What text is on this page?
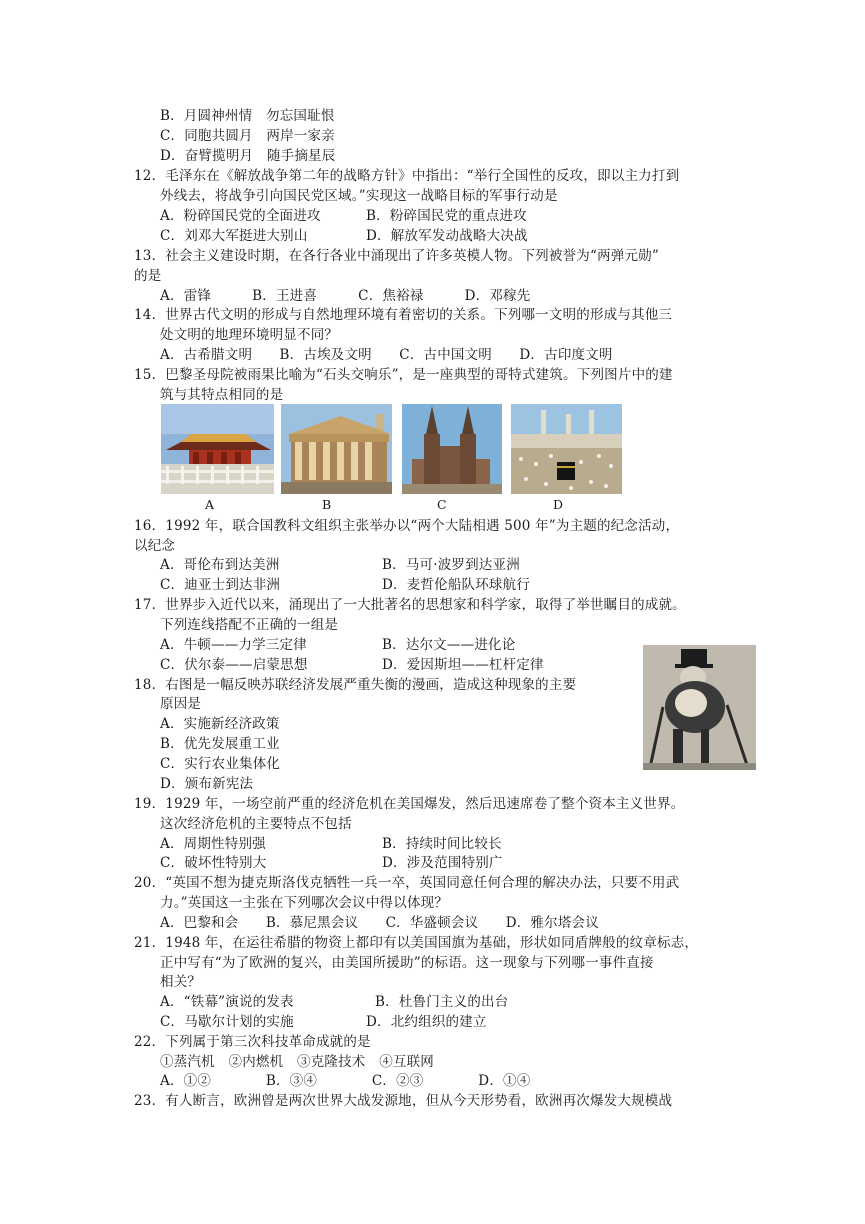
B．月圆神州情　勿忘国耻恨
C．同胞共圆月　两岸一家亲
D．奋臂揽明月　随手摘星辰
12．毛泽东在《解放战争第二年的战略方针》中指出：“举行全国性的反攻，即以主力打到
外线去，将战争引向国民党区域。”实现这一战略目标的军事行动是
A．粉碎国民党的全面进攻	B．粉碎国民党的重点进攻
C．刘邓大军挺进大别山	D．解放军发动战略大决战
13．社会主义建设时期，在各行各业中涌现出了许多英模人物。下列被誉为“两弹元勋”
的是
A．雷锋　　　B．王进喜　　　C．焦裕禄　　　D．邓稼先
14．世界古代文明的形成与自然地理环境有着密切的关系。下列哪一文明的形成与其他三
处文明的地理环境明显不同？
A．古希腊文明　　B．古埃及文明　　C．古中国文明　　D．古印度文明
15．巴黎圣母院被雨果比喻为“石头交响乐”，是一座典型的哥特式建筑。下列图片中的建
筑与其特点相同的是
A	B	C	D
16．1992 年，联合国教科文组织主张举办以“两个大陆相遇 500 年”为主题的纪念活动，
以纪念
A．哥伦布到达美洲	B．马可·波罗到达亚洲
C．迪亚士到达非洲	D．麦哲伦船队环球航行
17．世界步入近代以来，涌现出了一大批著名的思想家和科学家，取得了举世瞩目的成就。
下列连线搭配不正确的一组是
A．牛顿——力学三定律	B．达尔文——进化论
C．伏尔泰——启蒙思想	D．爱因斯坦——杠杆定律
18．右图是一幅反映苏联经济发展严重失衡的漫画，造成这种现象的主要
原因是
A．实施新经济政策
B．优先发展重工业
C．实行农业集体化
D．颁布新宪法
19．1929 年，一场空前严重的经济危机在美国爆发，然后迅速席卷了整个资本主义世界。
这次经济危机的主要特点不包括
A．周期性特别强	B．持续时间比较长
C．破坏性特别大	D．涉及范围特别广
20．“英国不想为捷克斯洛伐克牺牲一兵一卒，英国同意任何合理的解决办法，只要不用武
力。”英国这一主张在下列哪次会议中得以体现？
A．巴黎和会　　B．慕尼黑会议　　C．华盛顿会议　　D．雅尔塔会议
21．1948 年，在运往希腊的物资上都印有以美国国旗为基础，形状如同盾牌般的纹章标志，
正中写有“为了欧洲的复兴，由美国所援助”的标语。这一现象与下列哪一事件直接
相关？
A．“铁幕”演说的发表	B．杜鲁门主义的出台
C．马歇尔计划的实施	D．北约组织的建立
22．下列属于第三次科技革命成就的是
①蒸汽机　②内燃机　③克隆技术　④互联网
A．①②　　　　B．③④　　　　C．②③　　　　D．①④
23．有人断言，欧洲曾是两次世界大战发源地，但从今天形势看，欧洲再次爆发大规模战
